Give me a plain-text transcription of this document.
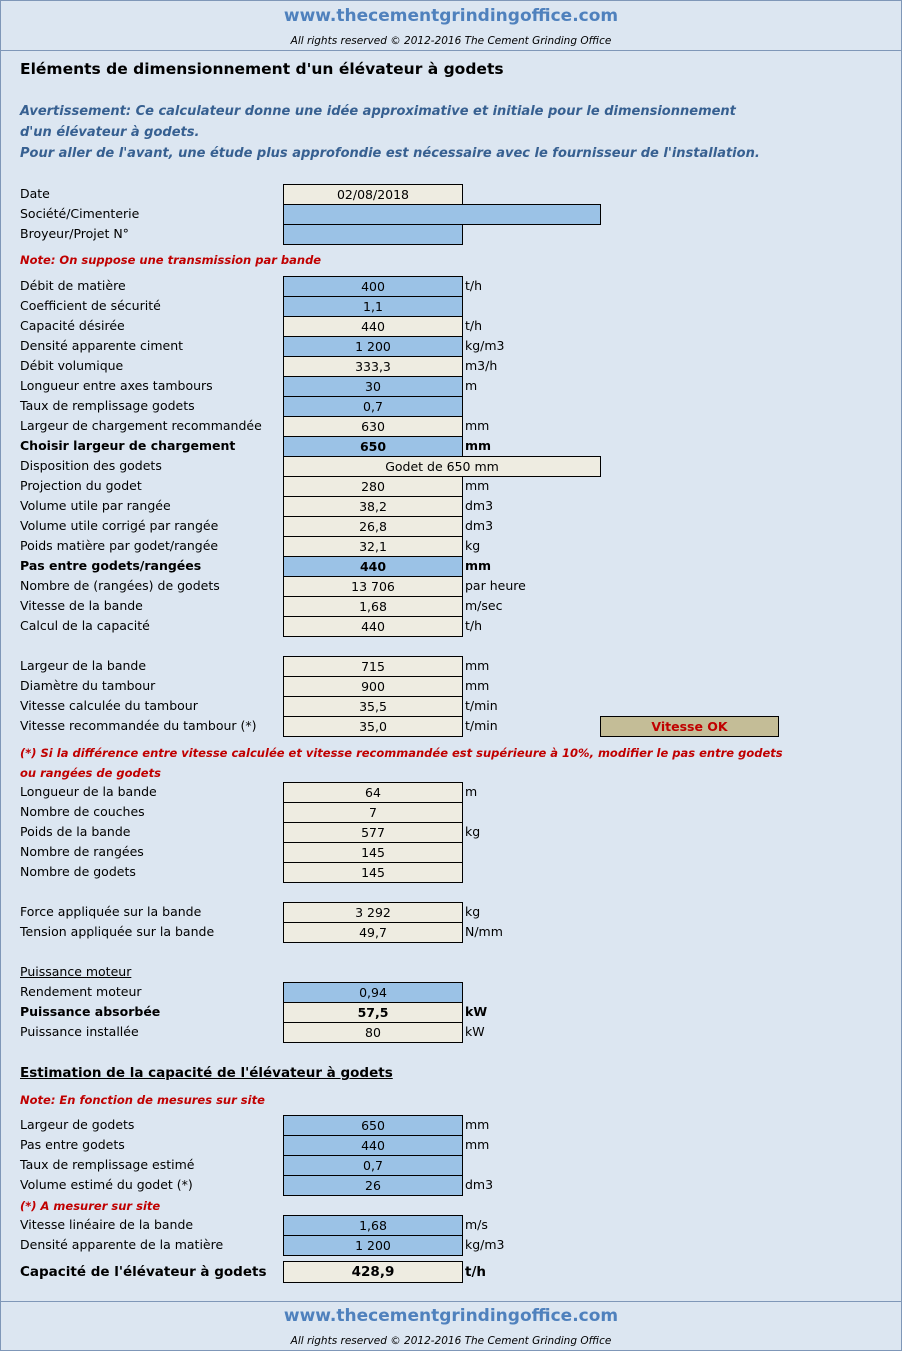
www.thecementgrindingoffice.com
All rights reserved © 2012-2016 The Cement Grinding Office
Eléments de dimensionnement d'un élévateur à godets
Avertissement: Ce calculateur donne une idée approximative et initiale pour le dimensionnement
d'un élévateur à godets.
Pour aller de l'avant, une étude plus approfondie est nécessaire avec le fournisseur de l'installation.
Date	02/08/2018
Société/Cimenterie
Broyeur/Projet N°
Note: On suppose une transmission par bande
Débit de matière	400	t/h
Coefficient de sécurité	1,1
Capacité désirée	440	t/h
Densité apparente ciment	1 200	kg/m3
Débit volumique	333,3	m3/h
Longueur entre axes tambours	30	m
Taux de remplissage godets	0,7
Largeur de chargement recommandée	630	mm
Choisir largeur de chargement	650	mm
Disposition des godets	Godet de 650 mm
Projection du godet	280	mm
Volume utile par rangée	38,2	dm3
Volume utile corrigé par rangée	26,8	dm3
Poids matière par godet/rangée	32,1	kg
Pas entre godets/rangées	440	mm
Nombre de (rangées) de godets	13 706	par heure
Vitesse de la bande	1,68	m/sec
Calcul de la capacité	440	t/h
Largeur de la bande	715	mm
Diamètre du tambour	900	mm
Vitesse calculée du tambour	35,5	t/min
Vitesse recommandée du tambour (*)	35,0	t/min	Vitesse OK
(*) Si la différence entre vitesse calculée et vitesse recommandée est supérieure à 10%, modifier le pas entre godets
ou rangées de godets
Longueur de la bande	64	m
Nombre de couches	7
Poids de la bande	577	kg
Nombre de rangées	145
Nombre de godets	145
Force appliquée sur la bande	3 292	kg
Tension appliquée sur la bande	49,7	N/mm
Puissance moteur
Rendement moteur	0,94
Puissance absorbée	57,5	kW
Puissance installée	80	kW
Estimation de la capacité de l'élévateur à godets
Note: En fonction de mesures sur site
Largeur de godets	650	mm
Pas entre godets	440	mm
Taux de remplissage estimé	0,7
Volume estimé du godet (*)	26	dm3
(*) A mesurer sur site
Vitesse linéaire de la bande	1,68	m/s
Densité apparente de la matière	1 200	kg/m3
Capacité de l'élévateur à godets	428,9	t/h
www.thecementgrindingoffice.com
All rights reserved © 2012-2016 The Cement Grinding Office
